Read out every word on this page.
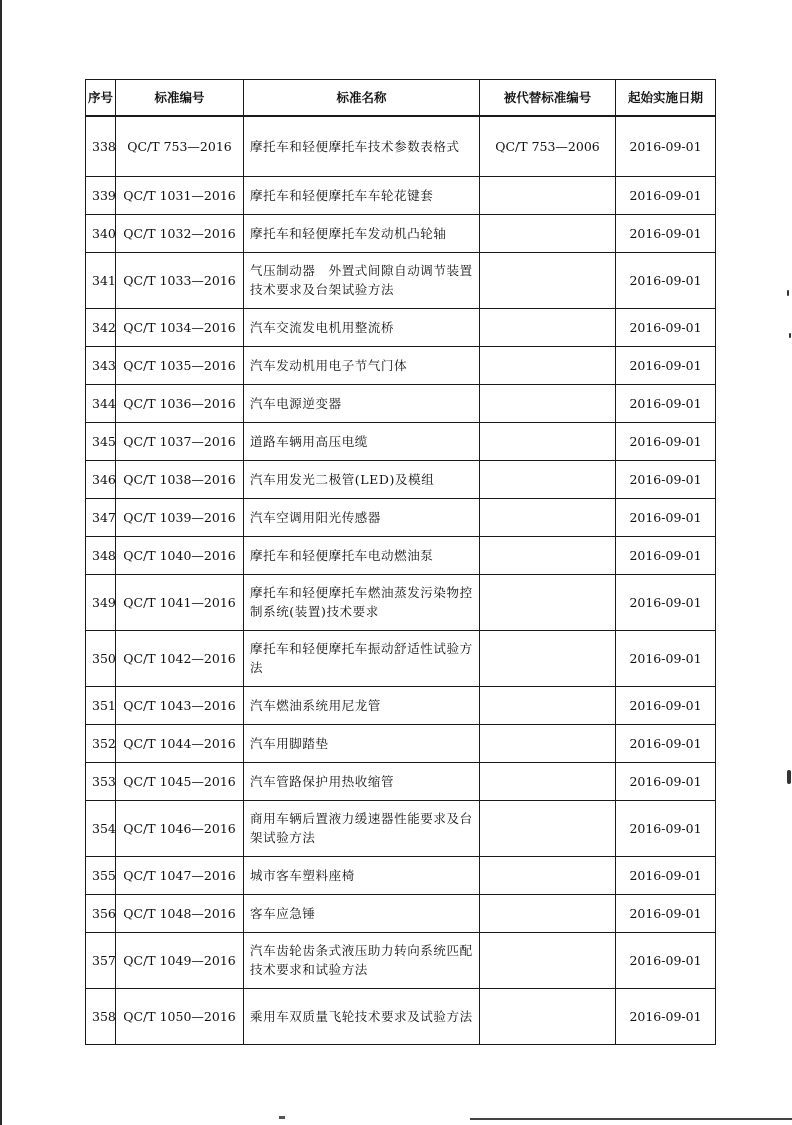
序号	标准编号	标准名称	被代替标准编号	起始实施日期
338	QC/T 753—2016	摩托车和轻便摩托车技术参数表格式	QC/T 753—2006	2016-09-01
339	QC/T 1031—2016	摩托车和轻便摩托车车轮花键套		2016-09-01
340	QC/T 1032—2016	摩托车和轻便摩托车发动机凸轮轴		2016-09-01
341	QC/T 1033—2016	气压制动器　外置式间隙自动调节装置技术要求及台架试验方法		2016-09-01
342	QC/T 1034—2016	汽车交流发电机用整流桥		2016-09-01
343	QC/T 1035—2016	汽车发动机用电子节气门体		2016-09-01
344	QC/T 1036—2016	汽车电源逆变器		2016-09-01
345	QC/T 1037—2016	道路车辆用高压电缆		2016-09-01
346	QC/T 1038—2016	汽车用发光二极管(LED)及模组		2016-09-01
347	QC/T 1039—2016	汽车空调用阳光传感器		2016-09-01
348	QC/T 1040—2016	摩托车和轻便摩托车电动燃油泵		2016-09-01
349	QC/T 1041—2016	摩托车和轻便摩托车燃油蒸发污染物控制系统(装置)技术要求		2016-09-01
350	QC/T 1042—2016	摩托车和轻便摩托车振动舒适性试验方法		2016-09-01
351	QC/T 1043—2016	汽车燃油系统用尼龙管		2016-09-01
352	QC/T 1044—2016	汽车用脚踏垫		2016-09-01
353	QC/T 1045—2016	汽车管路保护用热收缩管		2016-09-01
354	QC/T 1046—2016	商用车辆后置液力缓速器性能要求及台架试验方法		2016-09-01
355	QC/T 1047—2016	城市客车塑料座椅		2016-09-01
356	QC/T 1048—2016	客车应急锤		2016-09-01
357	QC/T 1049—2016	汽车齿轮齿条式液压助力转向系统匹配技术要求和试验方法		2016-09-01
358	QC/T 1050—2016	乘用车双质量飞轮技术要求及试验方法		2016-09-01
